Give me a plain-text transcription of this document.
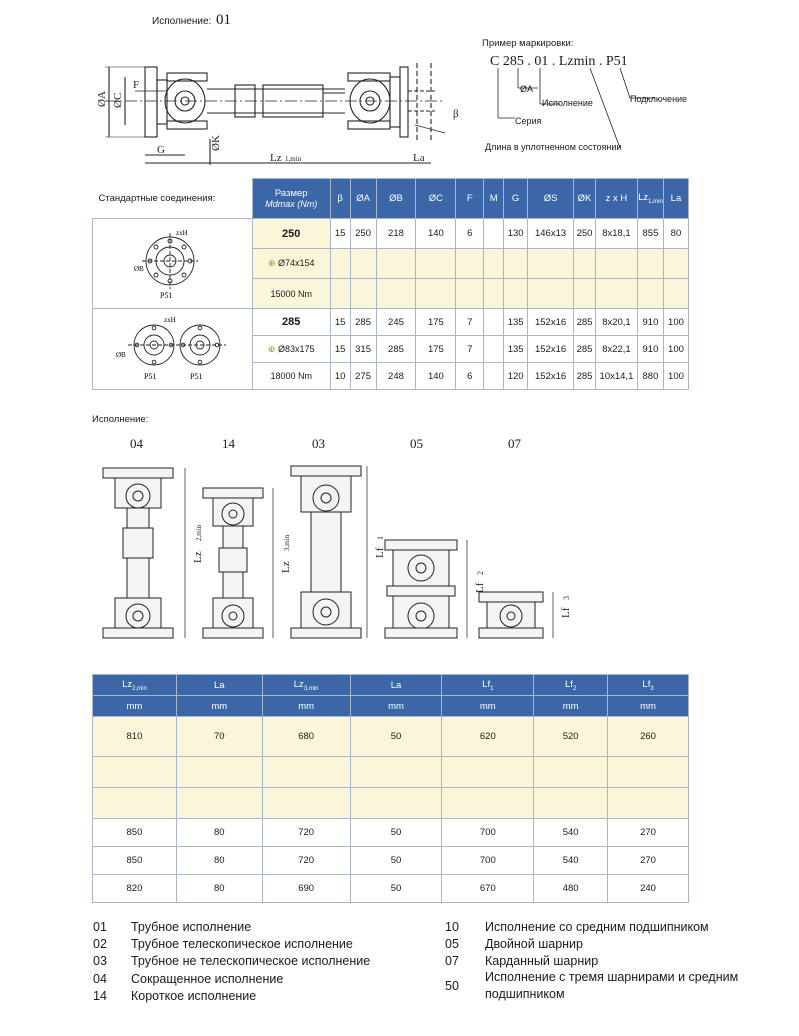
Исполнение: 01
ØA ØC
F
G	ØK
Lz 1,min	La
β
Пример маркировки:
C 285 . 01 . Lzmin . P51
ØA
Исполнение	Подключение
Серия
Длина в уплотненном состоянии
Стандартные соединения:	Размер
Mdmax (Nm)	β	ØA	ØB	ØC	F	M	G	ØS	ØK	z x H	$Lz_{1,min}$	La

zxH
P51
ØB	250	15	250	218	140	6		130	146x13	250	8x18,1	855	80
	⊕ Ø74x154												
	15000 Nm												

zxH
P51 P51
ØB	285	15	285	245	175	7		135	152x16	285	8x20,1	910	100
	⊕ Ø83x175	15	315	285	175	7		135	152x16	285	8x22,1	910	100
	18000 Nm	10	275	248	140	6		120	152x16	285	10x14,1	880	100
Исполнение:
04	14	03	05	07
Lz
2,min
Lz
3,min
Lf
1
Lf
2
Lf
3
$Lz_{2,min}$	La	$Lz_{3,min}$	La	$Lf_1$	$Lf_2$	$Lf_3$
mm	mm	mm	mm	mm	mm	mm
810	70	680	50	620	520	260

850	80	720	50	700	540	270
850	80	720	50	700	540	270
820	80	690	50	670	480	240
01 Трубное исполнение
02 Трубное телескопическое исполнение
03 Трубное не телескопическое исполнение
04 Сокращенное исполнение
14 Короткое исполнение
10 Исполнение со средним подшипником
05 Двойной шарнир
07 Карданный шарнир
50
Исполнение с тремя шарнирами и средним
подшипником
